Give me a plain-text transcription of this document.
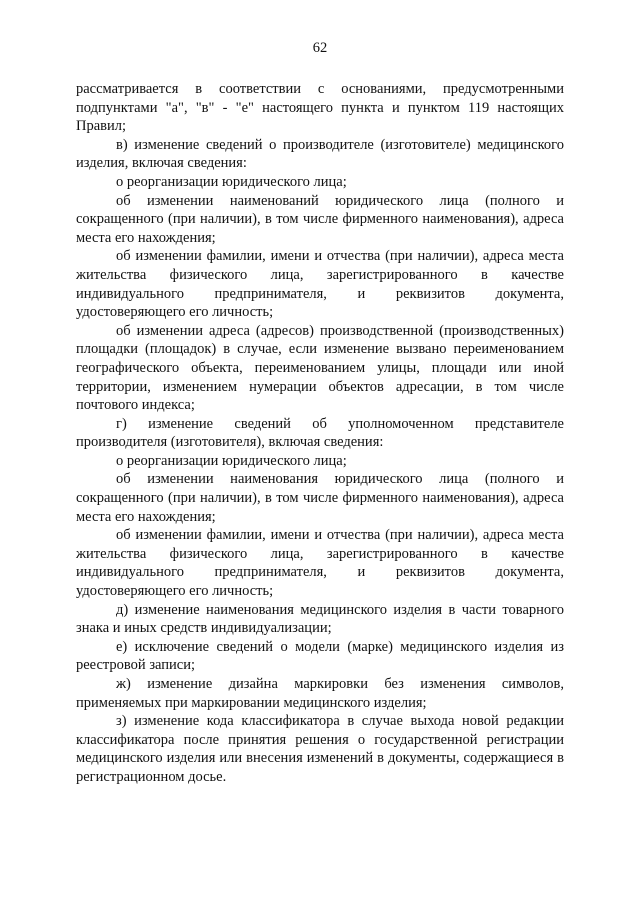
62

рассматривается в соответствии с основаниями, предусмотренными подпунктами "а", "в" - "е" настоящего пункта и пунктом 119 настоящих Правил;

в) изменение сведений о производителе (изготовителе) медицинского изделия, включая сведения:

о реорганизации юридического лица;

об изменении наименований юридического лица (полного и сокращенного (при наличии), в том числе фирменного наименования), адреса места его нахождения;

об изменении фамилии, имени и отчества (при наличии), адреса места жительства физического лица, зарегистрированного в качестве индивидуального предпринимателя, и реквизитов документа, удостоверяющего его личность;

об изменении адреса (адресов) производственной (производственных) площадки (площадок) в случае, если изменение вызвано переименованием географического объекта, переименованием улицы, площади или иной территории, изменением нумерации объектов адресации, в том числе почтового индекса;

г) изменение сведений об уполномоченном представителе производителя (изготовителя), включая сведения:

о реорганизации юридического лица;

об изменении наименования юридического лица (полного и сокращенного (при наличии), в том числе фирменного наименования), адреса места его нахождения;

об изменении фамилии, имени и отчества (при наличии), адреса места жительства физического лица, зарегистрированного в качестве индивидуального предпринимателя, и реквизитов документа, удостоверяющего его личность;

д) изменение наименования медицинского изделия в части товарного знака и иных средств индивидуализации;

е) исключение сведений о модели (марке) медицинского изделия из реестровой записи;

ж) изменение дизайна маркировки без изменения символов, применяемых при маркировании медицинского изделия;

з) изменение кода классификатора в случае выхода новой редакции классификатора после принятия решения о государственной регистрации медицинского изделия или внесения изменений в документы, содержащиеся в регистрационном досье.
